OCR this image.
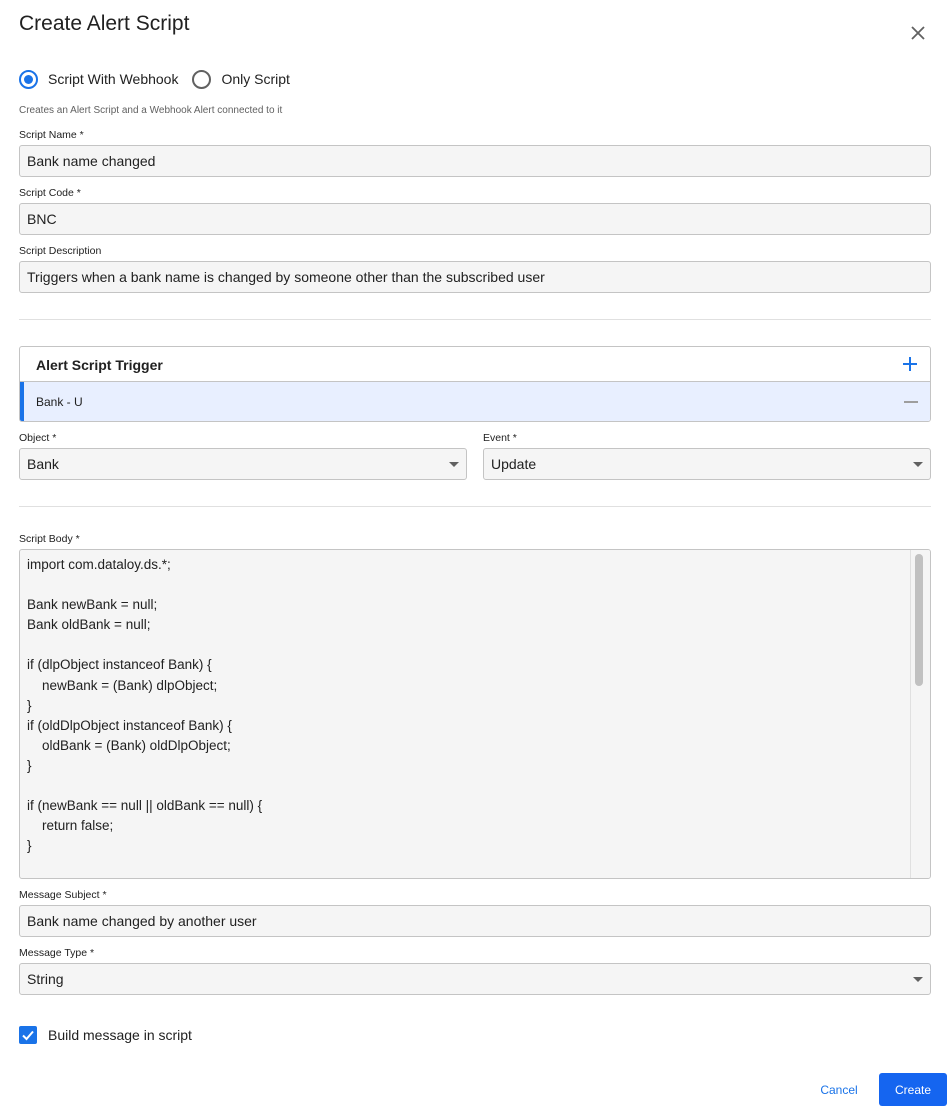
Create Alert Script
Script With Webhook	Only Script
Creates an Alert Script and a Webhook Alert connected to it
Script Name *
Bank name changed
Script Code *
BNC
Script Description
Triggers when a bank name is changed by someone other than the subscribed user
Alert Script Trigger
Bank - U
Object *
Bank
Event *
Update
Script Body *
import com.dataloy.ds.*;

Bank newBank = null;
Bank oldBank = null;

if (dlpObject instanceof Bank) {
newBank = (Bank) dlpObject;
}
if (oldDlpObject instanceof Bank) {
oldBank = (Bank) oldDlpObject;
}

if (newBank == null || oldBank == null) {
return false;
}
Message Subject *
Bank name changed by another user
Message Type *
String
Build message in script
Cancel	Create
